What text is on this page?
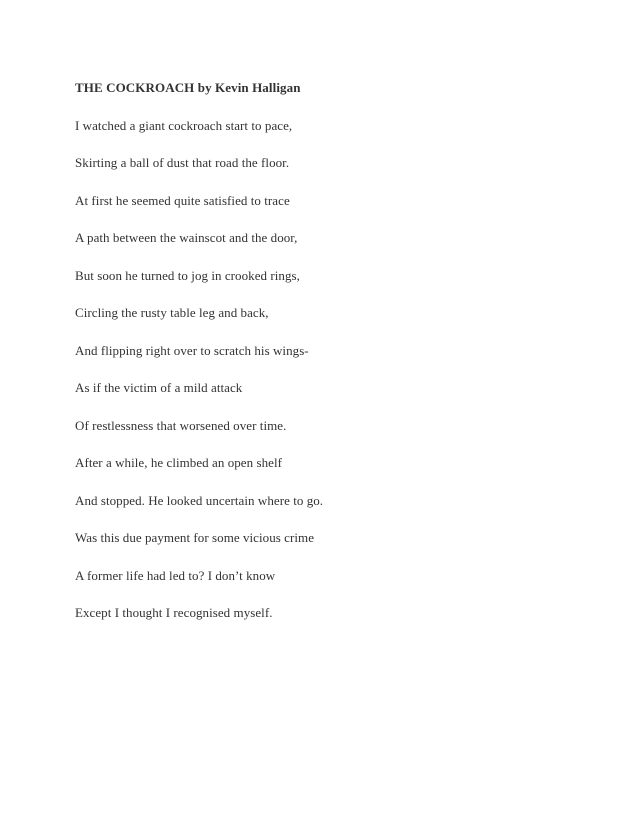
THE COCKROACH by Kevin Halligan

I watched a giant cockroach start to pace,
Skirting a ball of dust that road the floor.
At first he seemed quite satisfied to trace
A path between the wainscot and the door,
But soon he turned to jog in crooked rings,
Circling the rusty table leg and back,
And flipping right over to scratch his wings-
As if the victim of a mild attack
Of restlessness that worsened over time.
After a while, he climbed an open shelf
And stopped. He looked uncertain where to go.
Was this due payment for some vicious crime
A former life had led to? I don’t know
Except I thought I recognised myself.
